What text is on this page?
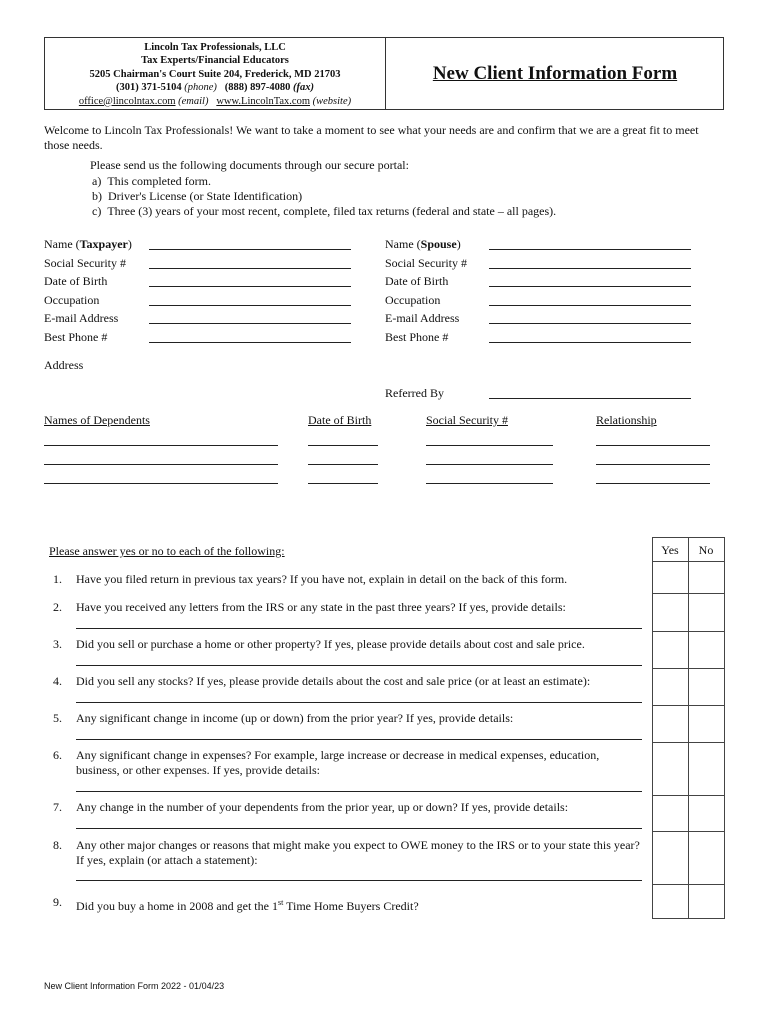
Lincoln Tax Professionals, LLC
Tax Experts/Financial Educators
5205 Chairman's Court Suite 204, Frederick, MD 21703
(301) 371-5104 (phone) (888) 897-4080 (fax)
office@lincolntax.com (email) www.LincolnTax.com (website)
New Client Information Form
Welcome to Lincoln Tax Professionals! We want to take a moment to see what your needs are and confirm that we are a great fit to meet those needs.
Please send us the following documents through our secure portal:
a) This completed form.
b) Driver's License (or State Identification)
c) Three (3) years of your most recent, complete, filed tax returns (federal and state – all pages).
Name (Taxpayer)
Social Security #
Date of Birth
Occupation
E-mail Address
Best Phone #
Name (Spouse)
Social Security #
Date of Birth
Occupation
E-mail Address
Best Phone #
Address
Referred By
Names of Dependents	Date of Birth	Social Security #	Relationship
Please answer yes or no to each of the following:	Yes	No
1. Have you filed return in previous tax years? If you have not, explain in detail on the back of this form.
2. Have you received any letters from the IRS or any state in the past three years? If yes, provide details:
3. Did you sell or purchase a home or other property? If yes, please provide details about cost and sale price.
4. Did you sell any stocks? If yes, please provide details about the cost and sale price (or at least an estimate):
5. Any significant change in income (up or down) from the prior year? If yes, provide details:
6. Any significant change in expenses? For example, large increase or decrease in medical expenses, education, business, or other expenses. If yes, provide details:
7. Any change in the number of your dependents from the prior year, up or down? If yes, provide details:
8. Any other major changes or reasons that might make you expect to OWE money to the IRS or to your state this year? If yes, explain (or attach a statement):
9. Did you buy a home in 2008 and get the 1st Time Home Buyers Credit?
New Client Information Form 2022 - 01/04/23
